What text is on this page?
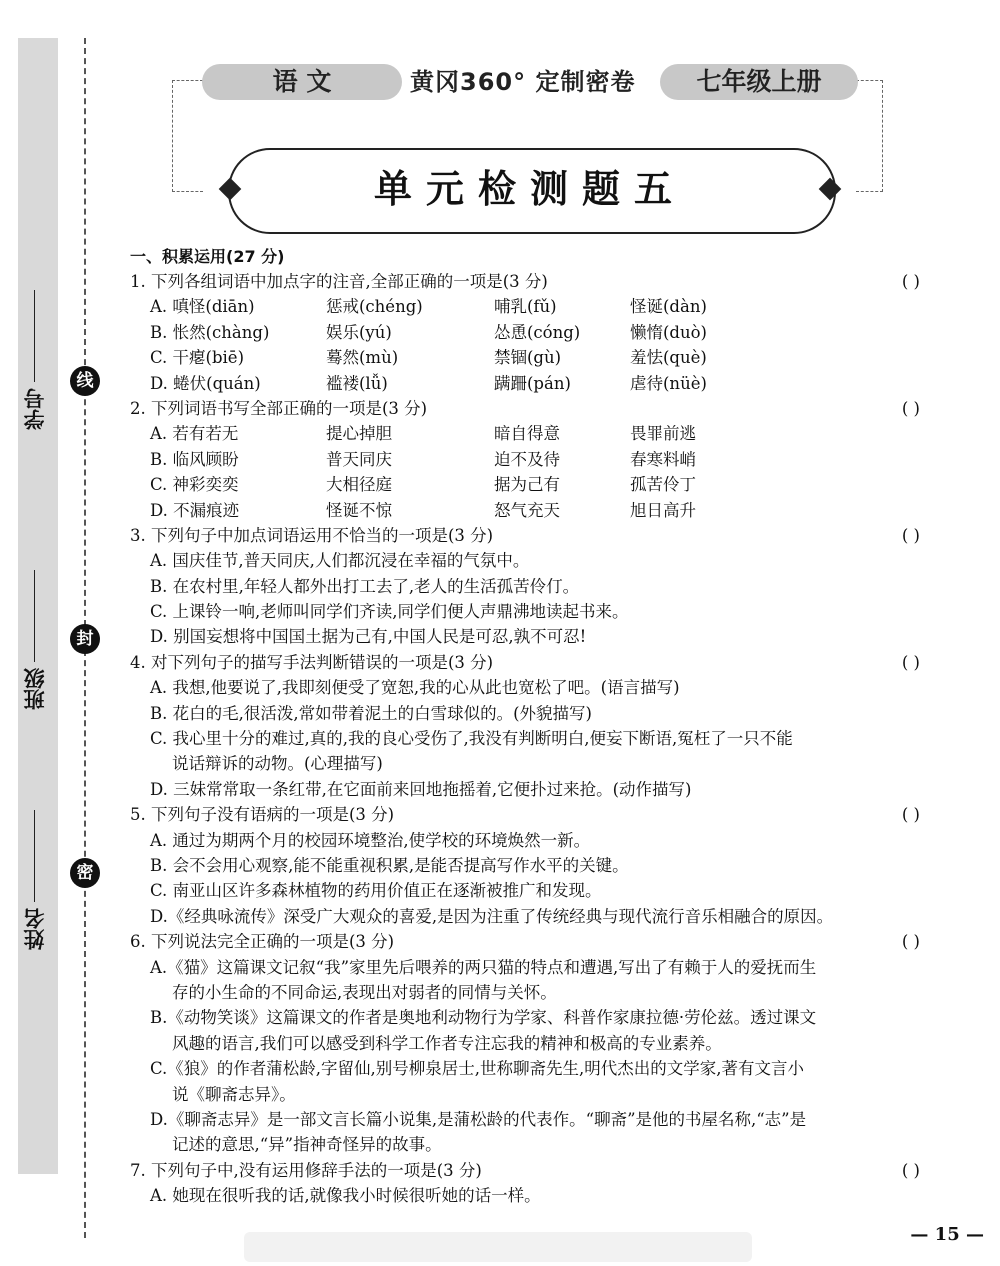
学号
班级
姓名
线
封
密
语 文	黄冈360° 定制密卷	七年级上册
单元检测题五
一、积累运用(27 分)
1. 下列各组词语中加点字的注音,全部正确的一项是(3 分)	( )
A. 嗔怪(diān)	惩戒(chéng)	哺乳(fǔ)	怪诞(dàn)
B. 怅然(chàng)	娱乐(yú)	怂恿(cóng)	懒惰(duò)
C. 干瘪(biē)	蓦然(mù)	禁锢(gù)	羞怯(què)
D. 蜷伏(quán)	褴褛(lǚ)	蹒跚(pán)	虐待(nüè)
2. 下列词语书写全部正确的一项是(3 分)	( )
A. 若有若无	提心掉胆	暗自得意	畏罪前逃
B. 临风顾盼	普天同庆	迫不及待	春寒料峭
C. 神彩奕奕	大相径庭	据为己有	孤苦伶丁
D. 不漏痕迹	怪诞不惊	怒气充天	旭日高升
3. 下列句子中加点词语运用不恰当的一项是(3 分)	( )
A. 国庆佳节,普天同庆,人们都沉浸在幸福的气氛中。
B. 在农村里,年轻人都外出打工去了,老人的生活孤苦伶仃。
C. 上课铃一响,老师叫同学们齐读,同学们便人声鼎沸地读起书来。
D. 别国妄想将中国国土据为己有,中国人民是可忍,孰不可忍!
4. 对下列句子的描写手法判断错误的一项是(3 分)	( )
A. 我想,他要说了,我即刻便受了宽恕,我的心从此也宽松了吧。(语言描写)
B. 花白的毛,很活泼,常如带着泥土的白雪球似的。(外貌描写)
C. 我心里十分的难过,真的,我的良心受伤了,我没有判断明白,便妄下断语,冤枉了一只不能
说话辩诉的动物。(心理描写)
D. 三妹常常取一条红带,在它面前来回地拖摇着,它便扑过来抢。(动作描写)
5. 下列句子没有语病的一项是(3 分)	( )
A. 通过为期两个月的校园环境整治,使学校的环境焕然一新。
B. 会不会用心观察,能不能重视积累,是能否提高写作水平的关键。
C. 南亚山区许多森林植物的药用价值正在逐渐被推广和发现。
D.《经典咏流传》深受广大观众的喜爱,是因为注重了传统经典与现代流行音乐相融合的原因。
6. 下列说法完全正确的一项是(3 分)	( )
A.《猫》这篇课文记叙“我”家里先后喂养的两只猫的特点和遭遇,写出了有赖于人的爱抚而生
存的小生命的不同命运,表现出对弱者的同情与关怀。
B.《动物笑谈》这篇课文的作者是奥地利动物行为学家、科普作家康拉德·劳伦兹。透过课文
风趣的语言,我们可以感受到科学工作者专注忘我的精神和极高的专业素养。
C.《狼》的作者蒲松龄,字留仙,别号柳泉居士,世称聊斋先生,明代杰出的文学家,著有文言小
说《聊斋志异》。
D.《聊斋志异》是一部文言长篇小说集,是蒲松龄的代表作。“聊斋”是他的书屋名称,“志”是
记述的意思,“异”指神奇怪异的故事。
7. 下列句子中,没有运用修辞手法的一项是(3 分)	( )
A. 她现在很听我的话,就像我小时候很听她的话一样。
— 15 —
